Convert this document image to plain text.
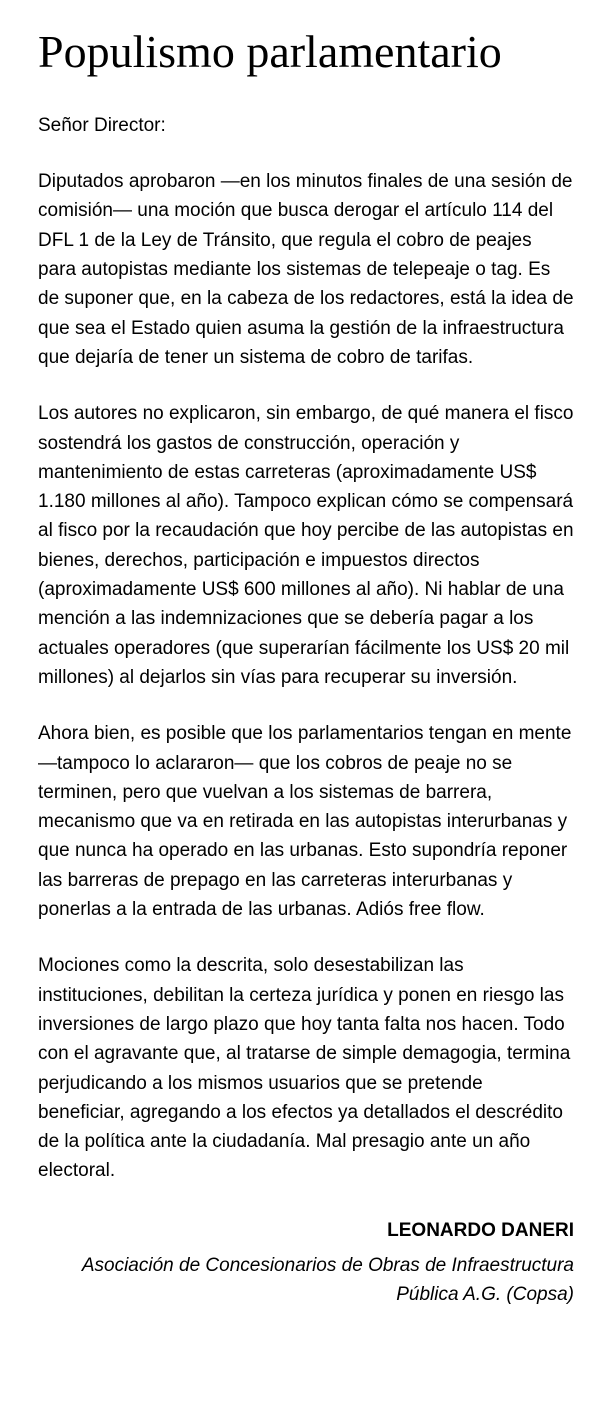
Populismo parlamentario

Señor Director:

Diputados aprobaron —en los minutos finales de una sesión de comisión— una moción que busca derogar el artículo 114 del DFL 1 de la Ley de Tránsito, que regula el cobro de peajes para autopistas mediante los sistemas de telepeaje o tag. Es de suponer que, en la cabeza de los redactores, está la idea de que sea el Estado quien asuma la gestión de la infraestructura que dejaría de tener un sistema de cobro de tarifas.

Los autores no explicaron, sin embargo, de qué manera el fisco sostendrá los gastos de construcción, operación y mantenimiento de estas carreteras (aproximadamente US$ 1.180 millones al año). Tampoco explican cómo se compensará al fisco por la recaudación que hoy percibe de las autopistas en bienes, derechos, participación e impuestos directos (aproximadamente US$ 600 millones al año). Ni hablar de una mención a las indemnizaciones que se debería pagar a los actuales operadores (que superarían fácilmente los US$ 20 mil millones) al dejarlos sin vías para recuperar su inversión.

Ahora bien, es posible que los parlamentarios tengan en mente —tampoco lo aclararon— que los cobros de peaje no se terminen, pero que vuelvan a los sistemas de barrera, mecanismo que va en retirada en las autopistas interurbanas y que nunca ha operado en las urbanas. Esto supondría reponer las barreras de prepago en las carreteras interurbanas y ponerlas a la entrada de las urbanas. Adiós free flow.

Mociones como la descrita, solo desestabilizan las instituciones, debilitan la certeza jurídica y ponen en riesgo las inversiones de largo plazo que hoy tanta falta nos hacen. Todo con el agravante que, al tratarse de simple demagogia, termina perjudicando a los mismos usuarios que se pretende beneficiar, agregando a los efectos ya detallados el descrédito de la política ante la ciudadanía. Mal presagio ante un año electoral.

LEONARDO DANERI

Asociación de Concesionarios de Obras de Infraestructura Pública A.G. (Copsa)
